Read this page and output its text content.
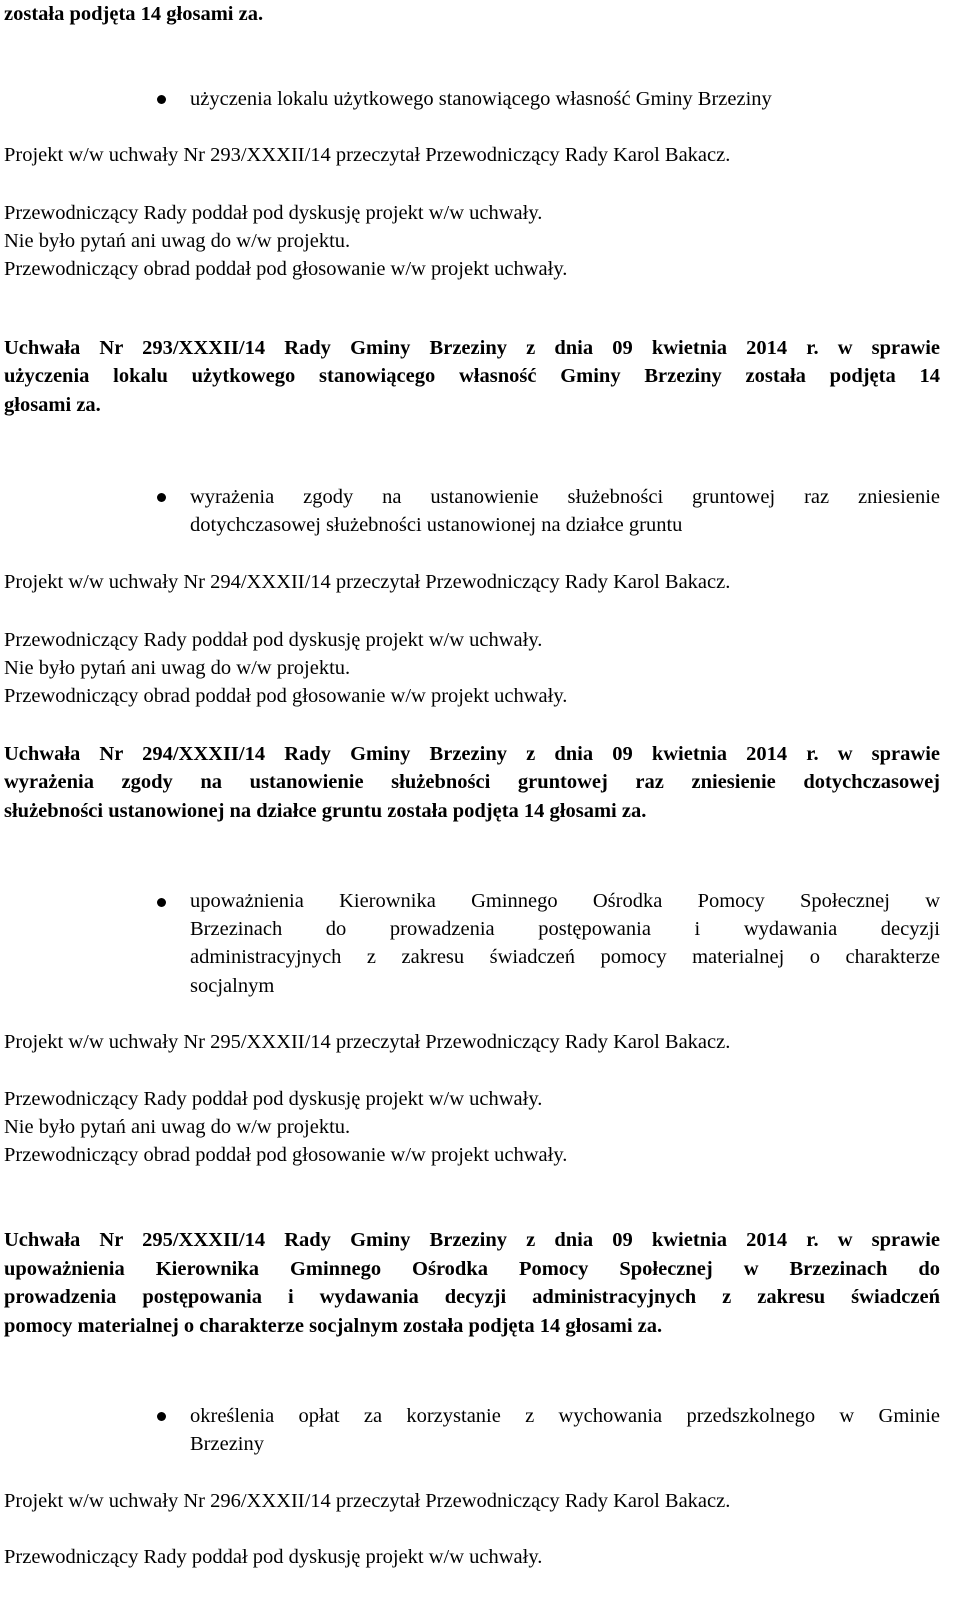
została podjęta 14 głosami za.
użyczenia lokalu użytkowego stanowiącego własność Gminy Brzeziny
Projekt w/w uchwały Nr 293/XXXII/14 przeczytał Przewodniczący Rady Karol Bakacz.
Przewodniczący Rady poddał pod dyskusję projekt w/w uchwały.
Nie było pytań ani uwag do w/w projektu.
Przewodniczący obrad poddał pod głosowanie w/w projekt uchwały.
Uchwała Nr 293/XXXII/14 Rady Gminy Brzeziny z dnia 09 kwietnia 2014 r. w sprawie
użyczenia lokalu użytkowego stanowiącego własność Gminy Brzeziny została podjęta 14
głosami za.
wyrażenia zgody na ustanowienie służebności gruntowej raz zniesienie
dotychczasowej służebności ustanowionej na działce gruntu
Projekt w/w uchwały Nr 294/XXXII/14 przeczytał Przewodniczący Rady Karol Bakacz.
Przewodniczący Rady poddał pod dyskusję projekt w/w uchwały.
Nie było pytań ani uwag do w/w projektu.
Przewodniczący obrad poddał pod głosowanie w/w projekt uchwały.
Uchwała Nr 294/XXXII/14 Rady Gminy Brzeziny z dnia 09 kwietnia 2014 r. w sprawie
wyrażenia zgody na ustanowienie służebności gruntowej raz zniesienie dotychczasowej
służebności ustanowionej na działce gruntu została podjęta 14 głosami za.
upoważnienia Kierownika Gminnego Ośrodka Pomocy Społecznej w
Brzezinach do prowadzenia postępowania i wydawania decyzji
administracyjnych z zakresu świadczeń pomocy materialnej o charakterze
socjalnym
Projekt w/w uchwały Nr 295/XXXII/14 przeczytał Przewodniczący Rady Karol Bakacz.
Przewodniczący Rady poddał pod dyskusję projekt w/w uchwały.
Nie było pytań ani uwag do w/w projektu.
Przewodniczący obrad poddał pod głosowanie w/w projekt uchwały.
Uchwała Nr 295/XXXII/14 Rady Gminy Brzeziny z dnia 09 kwietnia 2014 r. w sprawie
upoważnienia Kierownika Gminnego Ośrodka Pomocy Społecznej w Brzezinach do
prowadzenia postępowania i wydawania decyzji administracyjnych z zakresu świadczeń
pomocy materialnej o charakterze socjalnym została podjęta 14 głosami za.
określenia opłat za korzystanie z wychowania przedszkolnego w Gminie
Brzeziny
Projekt w/w uchwały Nr 296/XXXII/14 przeczytał Przewodniczący Rady Karol Bakacz.
Przewodniczący Rady poddał pod dyskusję projekt w/w uchwały.
